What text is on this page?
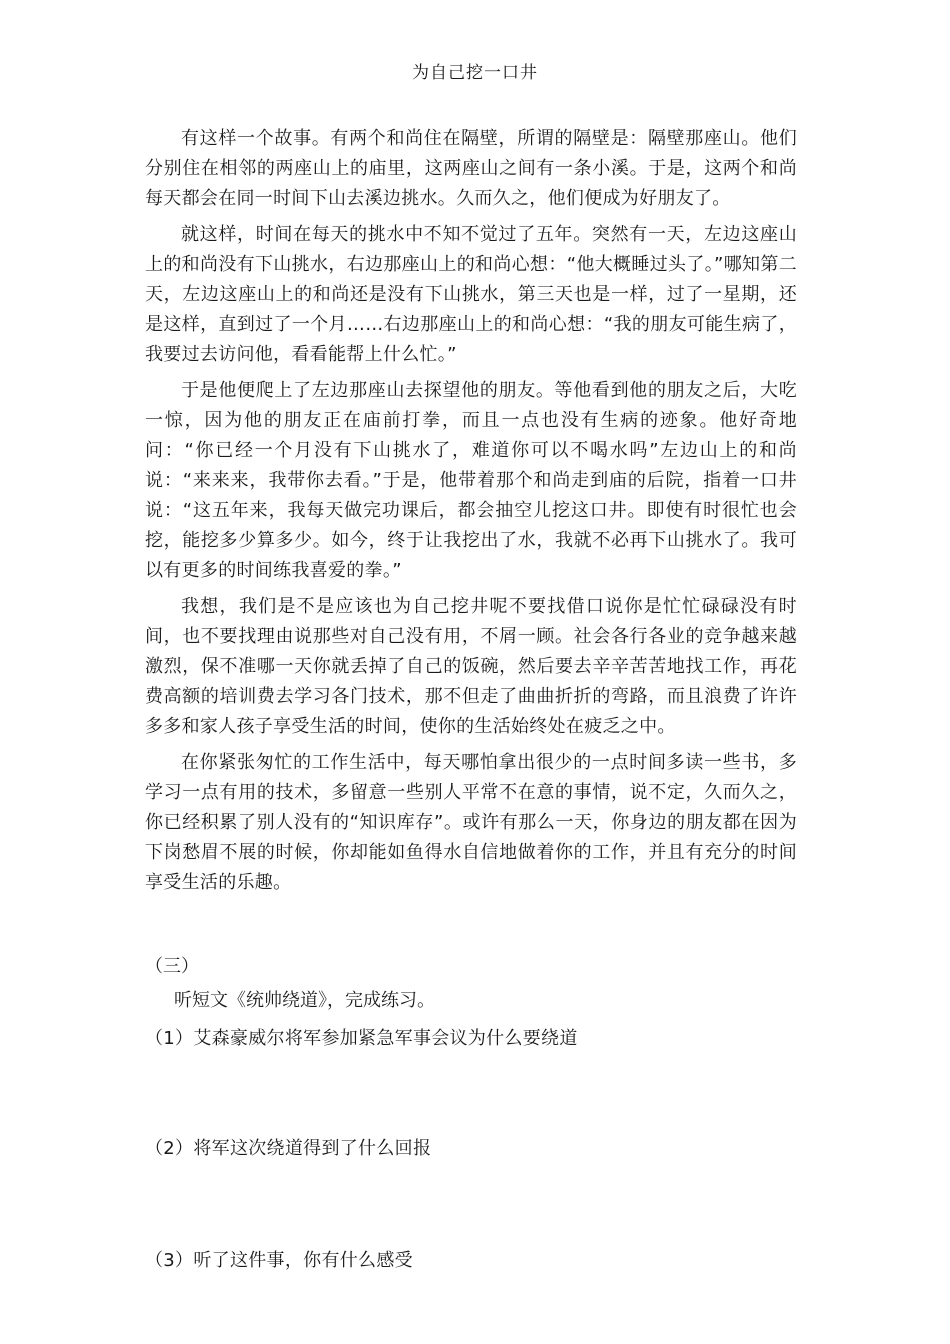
为自己挖一口井

有这样一个故事。有两个和尚住在隔壁，所谓的隔壁是：隔壁那座山。他们分别住在相邻的两座山上的庙里，这两座山之间有一条小溪。于是，这两个和尚每天都会在同一时间下山去溪边挑水。久而久之，他们便成为好朋友了。

就这样，时间在每天的挑水中不知不觉过了五年。突然有一天，左边这座山上的和尚没有下山挑水，右边那座山上的和尚心想：“他大概睡过头了。”哪知第二天，左边这座山上的和尚还是没有下山挑水，第三天也是一样，过了一星期，还是这样，直到过了一个月……右边那座山上的和尚心想：“我的朋友可能生病了，我要过去访问他，看看能帮上什么忙。”

于是他便爬上了左边那座山去探望他的朋友。等他看到他的朋友之后，大吃一惊，因为他的朋友正在庙前打拳，而且一点也没有生病的迹象。他好奇地问：“你已经一个月没有下山挑水了，难道你可以不喝水吗”左边山上的和尚说：“来来来，我带你去看。”于是，他带着那个和尚走到庙的后院，指着一口井说：“这五年来，我每天做完功课后，都会抽空儿挖这口井。即使有时很忙也会挖，能挖多少算多少。如今，终于让我挖出了水，我就不必再下山挑水了。我可以有更多的时间练我喜爱的拳。”

我想，我们是不是应该也为自己挖井呢不要找借口说你是忙忙碌碌没有时间，也不要找理由说那些对自己没有用，不屑一顾。社会各行各业的竞争越来越激烈，保不准哪一天你就丢掉了自己的饭碗，然后要去辛辛苦苦地找工作，再花费高额的培训费去学习各门技术，那不但走了曲曲折折的弯路，而且浪费了许许多多和家人孩子享受生活的时间，使你的生活始终处在疲乏之中。

在你紧张匆忙的工作生活中，每天哪怕拿出很少的一点时间多读一些书，多学习一点有用的技术，多留意一些别人平常不在意的事情，说不定，久而久之，你已经积累了别人没有的“知识库存”。或许有那么一天，你身边的朋友都在因为下岗愁眉不展的时候，你却能如鱼得水自信地做着你的工作，并且有充分的时间享受生活的乐趣。

（三）
听短文《统帅绕道》，完成练习。
（1）艾森豪威尔将军参加紧急军事会议为什么要绕道
（2）将军这次绕道得到了什么回报
（3）听了这件事，你有什么感受
